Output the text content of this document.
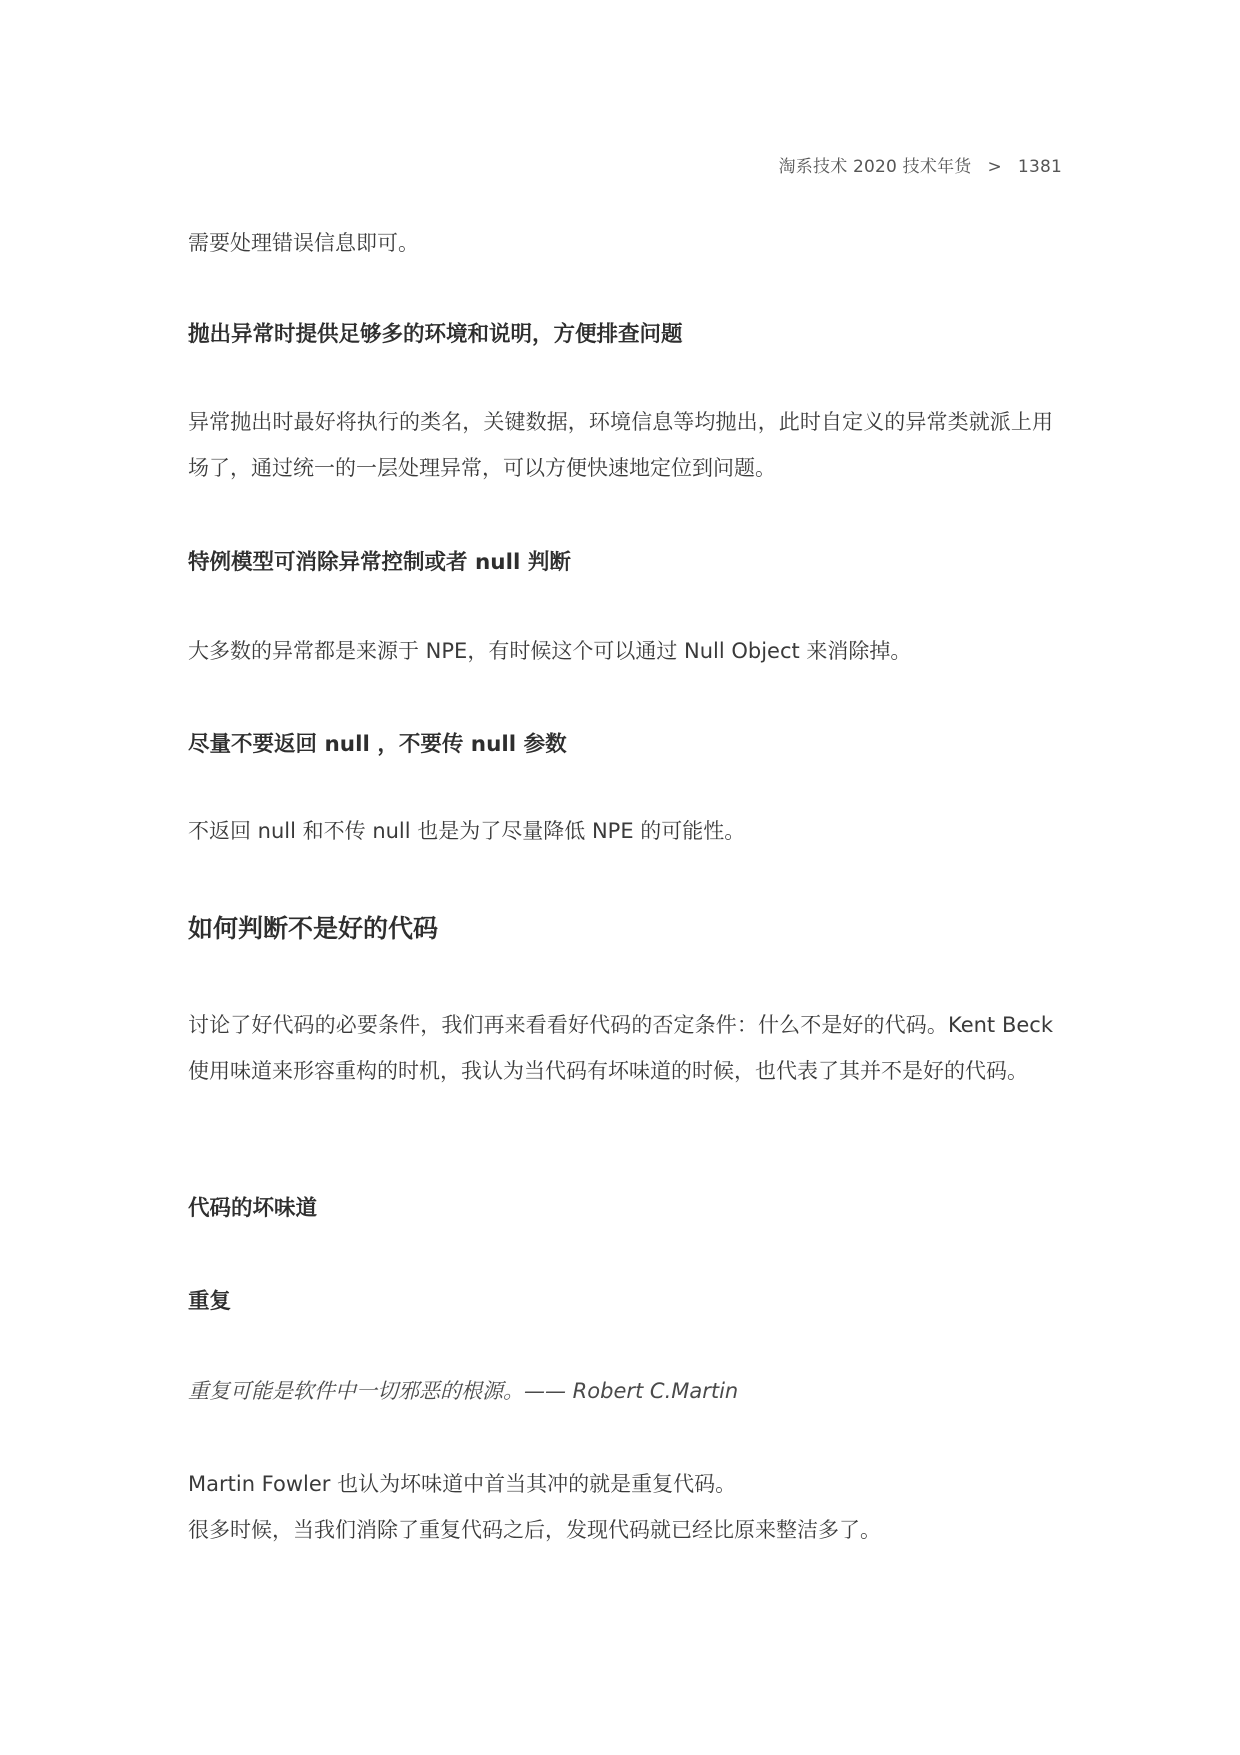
淘系技术 2020 技术年货 > 1381
需要处理错误信息即可。
抛出异常时提供足够多的环境和说明，方便排查问题
异常抛出时最好将执行的类名，关键数据，环境信息等均抛出，此时自定义的异常类就派上用场了，通过统一的一层处理异常，可以方便快速地定位到问题。
特例模型可消除异常控制或者 null 判断
大多数的异常都是来源于 NPE，有时候这个可以通过 Null Object 来消除掉。
尽量不要返回 null ，不要传 null 参数
不返回 null 和不传 null 也是为了尽量降低 NPE 的可能性。
如何判断不是好的代码
讨论了好代码的必要条件，我们再来看看好代码的否定条件：什么不是好的代码。Kent Beck 使用味道来形容重构的时机，我认为当代码有坏味道的时候，也代表了其并不是好的代码。
代码的坏味道
重复
重复可能是软件中一切邪恶的根源。—— Robert C.Martin
Martin Fowler 也认为坏味道中首当其冲的就是重复代码。
很多时候，当我们消除了重复代码之后，发现代码就已经比原来整洁多了。
